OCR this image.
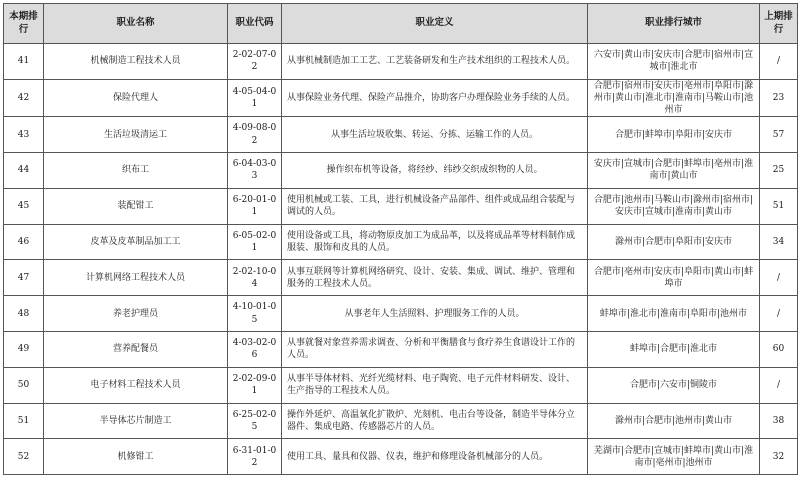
本期排行	职业名称	职业代码	职业定义	职业排行城市	上期排行
41	机械制造工程技术人员	2-02-07-02	从事机械制造加工工艺、工艺装备研发和生产技术组织的工程技术人员。	六安市|黄山市|安庆市|合肥市|宿州市|宣城市|淮北市	/
42	保险代理人	4-05-04-01	从事保险业务代理、保险产品推介，协助客户办理保险业务手续的人员。	合肥市|宿州市|安庆市|亳州市|阜阳市|滁州市|黄山市|淮北市|淮南市|马鞍山市|池州市	23
43	生活垃圾清运工	4-09-08-02	从事生活垃圾收集、转运、分拣、运输工作的人员。	合肥市|蚌埠市|阜阳市|安庆市	57
44	织布工	6-04-03-03	操作织布机等设备，将经纱、纬纱交织成织物的人员。	安庆市|宣城市|合肥市|蚌埠市|亳州市|淮南市|黄山市	25
45	装配钳工	6-20-01-01	使用机械或工装、工具，进行机械设备产品部件、组件或成品组合装配与调试的人员。	合肥市|池州市|马鞍山市|滁州市|宿州市|安庆市|宣城市|淮南市|黄山市	51
46	皮革及皮革制品加工工	6-05-02-01	使用设备或工具，将动物原皮加工为成品革，以及将成品革等材料制作成服装、服饰和皮具的人员。	滁州市|合肥市|阜阳市|安庆市	34
47	计算机网络工程技术人员	2-02-10-04	从事互联网等计算机网络研究、设计、安装、集成、调试、维护、管理和服务的工程技术人员。	合肥市|亳州市|安庆市|阜阳市|黄山市|蚌埠市	/
48	养老护理员	4-10-01-05	从事老年人生活照料、护理服务工作的人员。	蚌埠市|淮北市|淮南市|阜阳市|池州市	/
49	营养配餐员	4-03-02-06	从事就餐对象营养需求调查、分析和平衡膳食与食疗养生食谱设计工作的人员。	蚌埠市|合肥市|淮北市	60
50	电子材料工程技术人员	2-02-09-01	从事半导体材料、光纤光缆材料、电子陶瓷、电子元件材料研发、设计、生产指导的工程技术人员。	合肥市|六安市|铜陵市	/
51	半导体芯片制造工	6-25-02-05	操作外延炉、高温氧化扩散炉、光刻机、电击台等设备，制造半导体分立器件、集成电路、传感器芯片的人员。	滁州市|合肥市|池州市|黄山市	38
52	机修钳工	6-31-01-02	使用工具、量具和仪器、仪表，维护和修理设备机械部分的人员。	芜湖市|合肥市|宣城市|蚌埠市|黄山市|淮南市|亳州市|池州市	32
